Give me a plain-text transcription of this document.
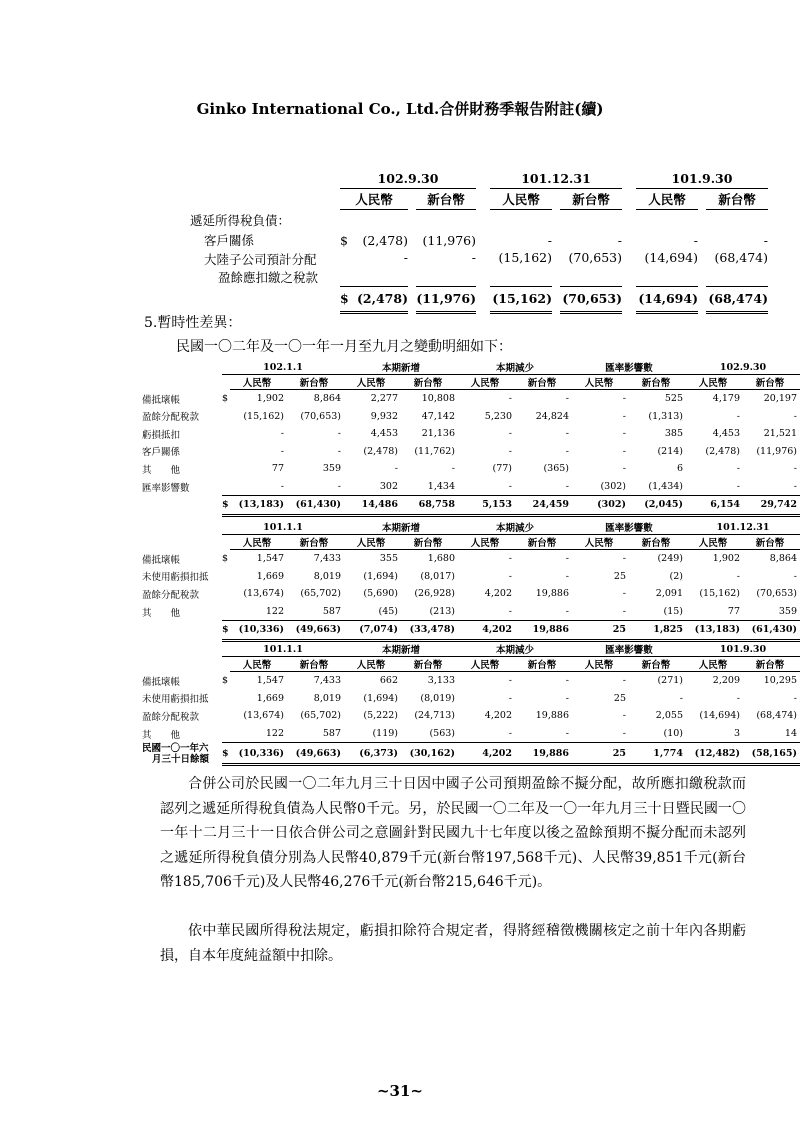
Ginko International Co., Ltd.合併財務季報告附註(續)
	102.9.30					101.12.31				101.9.30		
	人民幣			新台幣		人民幣		新台幣		人民幣		新台幣
遞延所得稅負債：												
客戶關係	$	(2,478)		(11,976)		-		-		-		-

大陸子公司預計分配
盈餘應扣繳之稅款		-		-		(15,162)		(70,653)		(14,694)		(68,474)
	$	(2,478)		(11,976)		(15,162)		(70,653)		(14,694)		(68,474)
5.暫時性差異：
民國一〇二年及一〇一年一月至九月之變動明細如下：
	102.1.1			本期新增		本期減少		匯率影響數		102.9.30	
		人民幣	新台幣	人民幣	新台幣	人民幣	新台幣	人民幣	新台幣	人民幣	新台幣
備抵壞帳	$	1,902	8,864	2,277	10,808	-	-	-	525	4,179	20,197
盈餘分配稅款		(15,162)	(70,653)	9,932	47,142	5,230	24,824	-	(1,313)	-	-
虧損抵扣		-	-	4,453	21,136	-	-	-	385	4,453	21,521
客戶關係		-	-	(2,478)	(11,762)	-	-	-	(214)	(2,478)	(11,976)
其　　他		77	359	-	-	(77)	(365)	-	6	-	-
匯率影響數		-	-	302	1,434	-	-	(302)	(1,434)	-	-
	$	(13,183)	(61,430)	14,486	68,758	5,153	24,459	(302)	(2,045)	6,154	29,742
	101.1.1			本期新增		本期減少		匯率影響數		101.12.31	
		人民幣	新台幣	人民幣	新台幣	人民幣	新台幣	人民幣	新台幣	人民幣	新台幣
備抵壞帳	$	1,547	7,433	355	1,680	-	-	-	(249)	1,902	8,864
未使用虧損扣抵		1,669	8,019	(1,694)	(8,017)	-	-	25	(2)	-	-
盈餘分配稅款		(13,674)	(65,702)	(5,690)	(26,928)	4,202	19,886	-	2,091	(15,162)	(70,653)
其　　他		122	587	(45)	(213)	-	-	-	(15)	77	359
	$	(10,336)	(49,663)	(7,074)	(33,478)	4,202	19,886	25	1,825	(13,183)	(61,430)
	101.1.1			本期新增		本期減少		匯率影響數		101.9.30	
		人民幣	新台幣	人民幣	新台幣	人民幣	新台幣	人民幣	新台幣	人民幣	新台幣
備抵壞帳	$	1,547	7,433	662	3,133	-	-	-	(271)	2,209	10,295
未使用虧損扣抵		1,669	8,019	(1,694)	(8,019)	-	-	25	-	-	-
盈餘分配稅款		(13,674)	(65,702)	(5,222)	(24,713)	4,202	19,886	-	2,055	(14,694)	(68,474)
其　　他		122	587	(119)	(563)	-	-	-	(10)	3	14

民國一〇一年六
月三十日餘額	$	(10,336)	(49,663)	(6,373)	(30,162)	4,202	19,886	25	1,774	(12,482)	(58,165)
合併公司於民國一〇二年九月三十日因中國子公司預期盈餘不擬分配，故所應扣繳稅款而認列之遞延所得稅負債為人民幣0千元。另，於民國一〇二年及一〇一年九月三十日暨民國一〇一年十二月三十一日依合併公司之意圖針對民國九十七年度以後之盈餘預期不擬分配而未認列之遞延所得稅負債分別為人民幣40,879千元(新台幣197,568千元)、人民幣39,851千元(新台幣185,706千元)及人民幣46,276千元(新台幣215,646千元)。
依中華民國所得稅法規定，虧損扣除符合規定者，得將經稽徵機關核定之前十年內各期虧損，自本年度純益額中扣除。
~31~
